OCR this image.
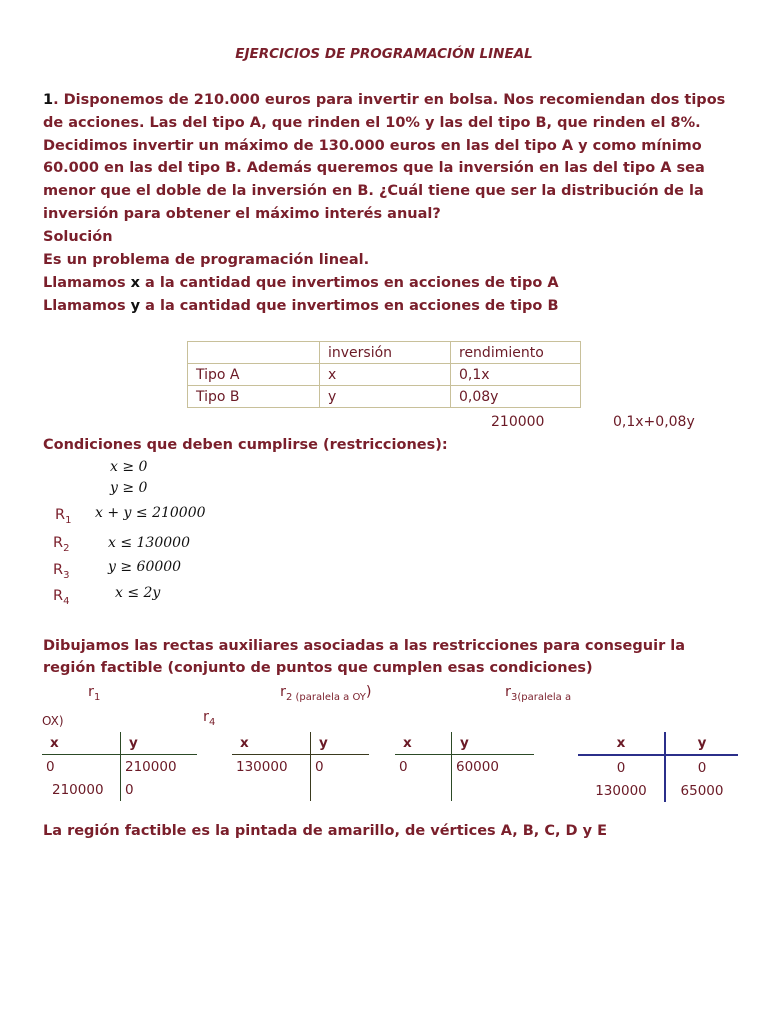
EJERCICIOS DE PROGRAMACIÓN LINEAL
1. Disponemos de 210.000 euros para invertir en bolsa. Nos recomiendan dos tipos de acciones. Las del tipo A, que rinden el 10% y las del tipo B, que rinden el 8%. Decidimos invertir un máximo de 130.000 euros en las del tipo A y como mínimo 60.000 en las del tipo B. Además queremos que la inversión en las del tipo A sea menor que el doble de la inversión en B. ¿Cuál tiene que ser la distribución de la inversión para obtener el máximo interés anual?
Solución
Es un problema de programación lineal.
Llamamos x a la cantidad que invertimos en acciones de tipo A
Llamamos y a la cantidad que invertimos en acciones de tipo B
	inversión	rendimiento
Tipo A	x	0,1x
Tipo B	y	0,08y
210000	0,1x+0,08y
Condiciones que deben cumplirse (restricciones):
x ≥ 0
y ≥ 0
$R_1$ x + y ≤ 210000
$R_2$	x ≤ 130000
$R_3$
y ≥ 60000
$R_4$
x ≤ 2y
Dibujamos las rectas auxiliares asociadas a las restricciones para conseguir la región factible (conjunto de puntos que cumplen esas condiciones)
$r_1$	$r_{2 (paralela a OY}$)	$r_{3(paralela a}$
OX)	$r_4$
x	y
0	210000
210000	0
x	y
130000	0

x	y
0	60000

x	y
0	0
130000	65000
La región factible es la pintada de amarillo, de vértices A, B, C, D y E
